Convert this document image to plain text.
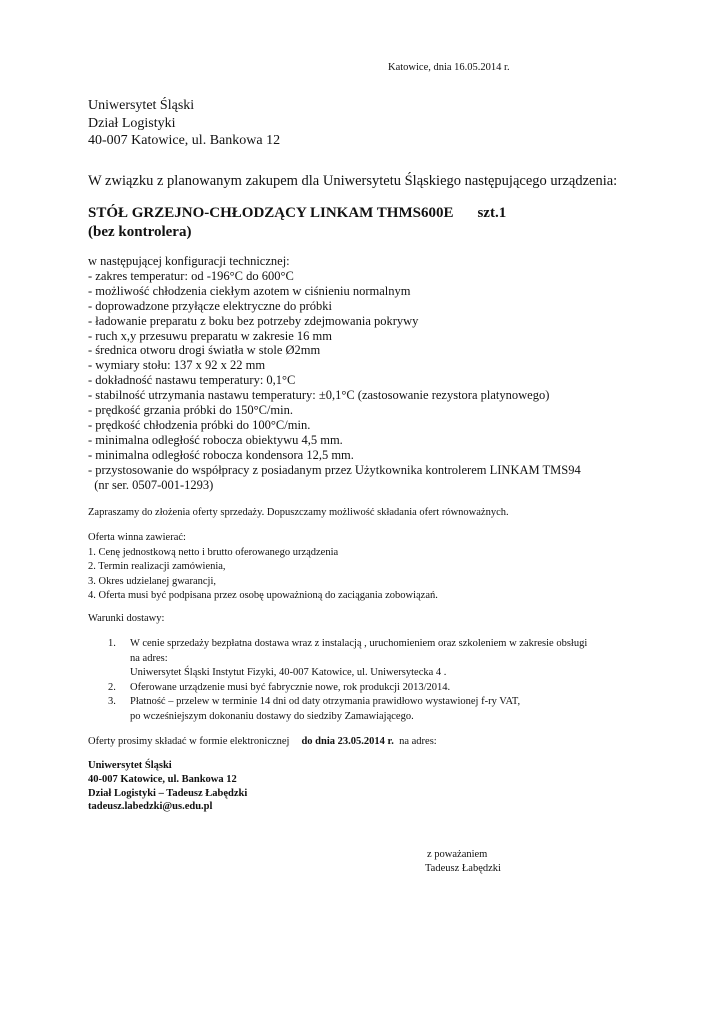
Katowice, dnia 16.05.2014 r.
Uniwersytet Śląski
Dział Logistyki
40-007 Katowice, ul. Bankowa 12
W związku z planowanym zakupem dla Uniwersytetu Śląskiego następującego urządzenia:
STÓŁ GRZEJNO-CHŁODZĄCY LINKAM THMS600E szt.1
(bez kontrolera)
w następującej konfiguracji technicznej:
- zakres temperatur: od -196°C do 600°C
- możliwość chłodzenia ciekłym azotem w ciśnieniu normalnym
- doprowadzone przyłącze elektryczne do próbki
- ładowanie preparatu z boku bez potrzeby zdejmowania pokrywy
- ruch x,y przesuwu preparatu w zakresie 16 mm
- średnica otworu drogi światła w stole Ø2mm
- wymiary stołu: 137 x 92 x 22 mm
- dokładność nastawu temperatury: 0,1°C
- stabilność utrzymania nastawu temperatury: ±0,1°C (zastosowanie rezystora platynowego)
- prędkość grzania próbki do 150°C/min.
- prędkość chłodzenia próbki do 100°C/min.
- minimalna odległość robocza obiektywu 4,5 mm.
- minimalna odległość robocza kondensora 12,5 mm.
- przystosowanie do współpracy z posiadanym przez Użytkownika kontrolerem LINKAM TMS94
(nr ser. 0507-001-1293)
Zapraszamy do złożenia oferty sprzedaży. Dopuszczamy możliwość składania ofert równoważnych.
Oferta winna zawierać:
1. Cenę jednostkową netto i brutto oferowanego urządzenia
2. Termin realizacji zamówienia,
3. Okres udzielanej gwarancji,
4. Oferta musi być podpisana przez osobę upoważnioną do zaciągania zobowiązań.
Warunki dostawy:
1. W cenie sprzedaży bezpłatna dostawa wraz z instalacją , uruchomieniem oraz szkoleniem w zakresie obsługi
na adres:
Uniwersytet Śląski Instytut Fizyki, 40-007 Katowice, ul. Uniwersytecka 4 .
2. Oferowane urządzenie musi być fabrycznie nowe, rok produkcji 2013/2014.
3. Płatność – przelew w terminie 14 dni od daty otrzymania prawidłowo wystawionej f-ry VAT,
po wcześniejszym dokonaniu dostawy do siedziby Zamawiającego.
Oferty prosimy składać w formie elektronicznej do dnia 23.05.2014 r.  na adres:
Uniwersytet Śląski
40-007 Katowice, ul. Bankowa 12
Dział Logistyki – Tadeusz Łabędzki
tadeusz.labedzki@us.edu.pl
z poważaniem
Tadeusz Łabędzki
